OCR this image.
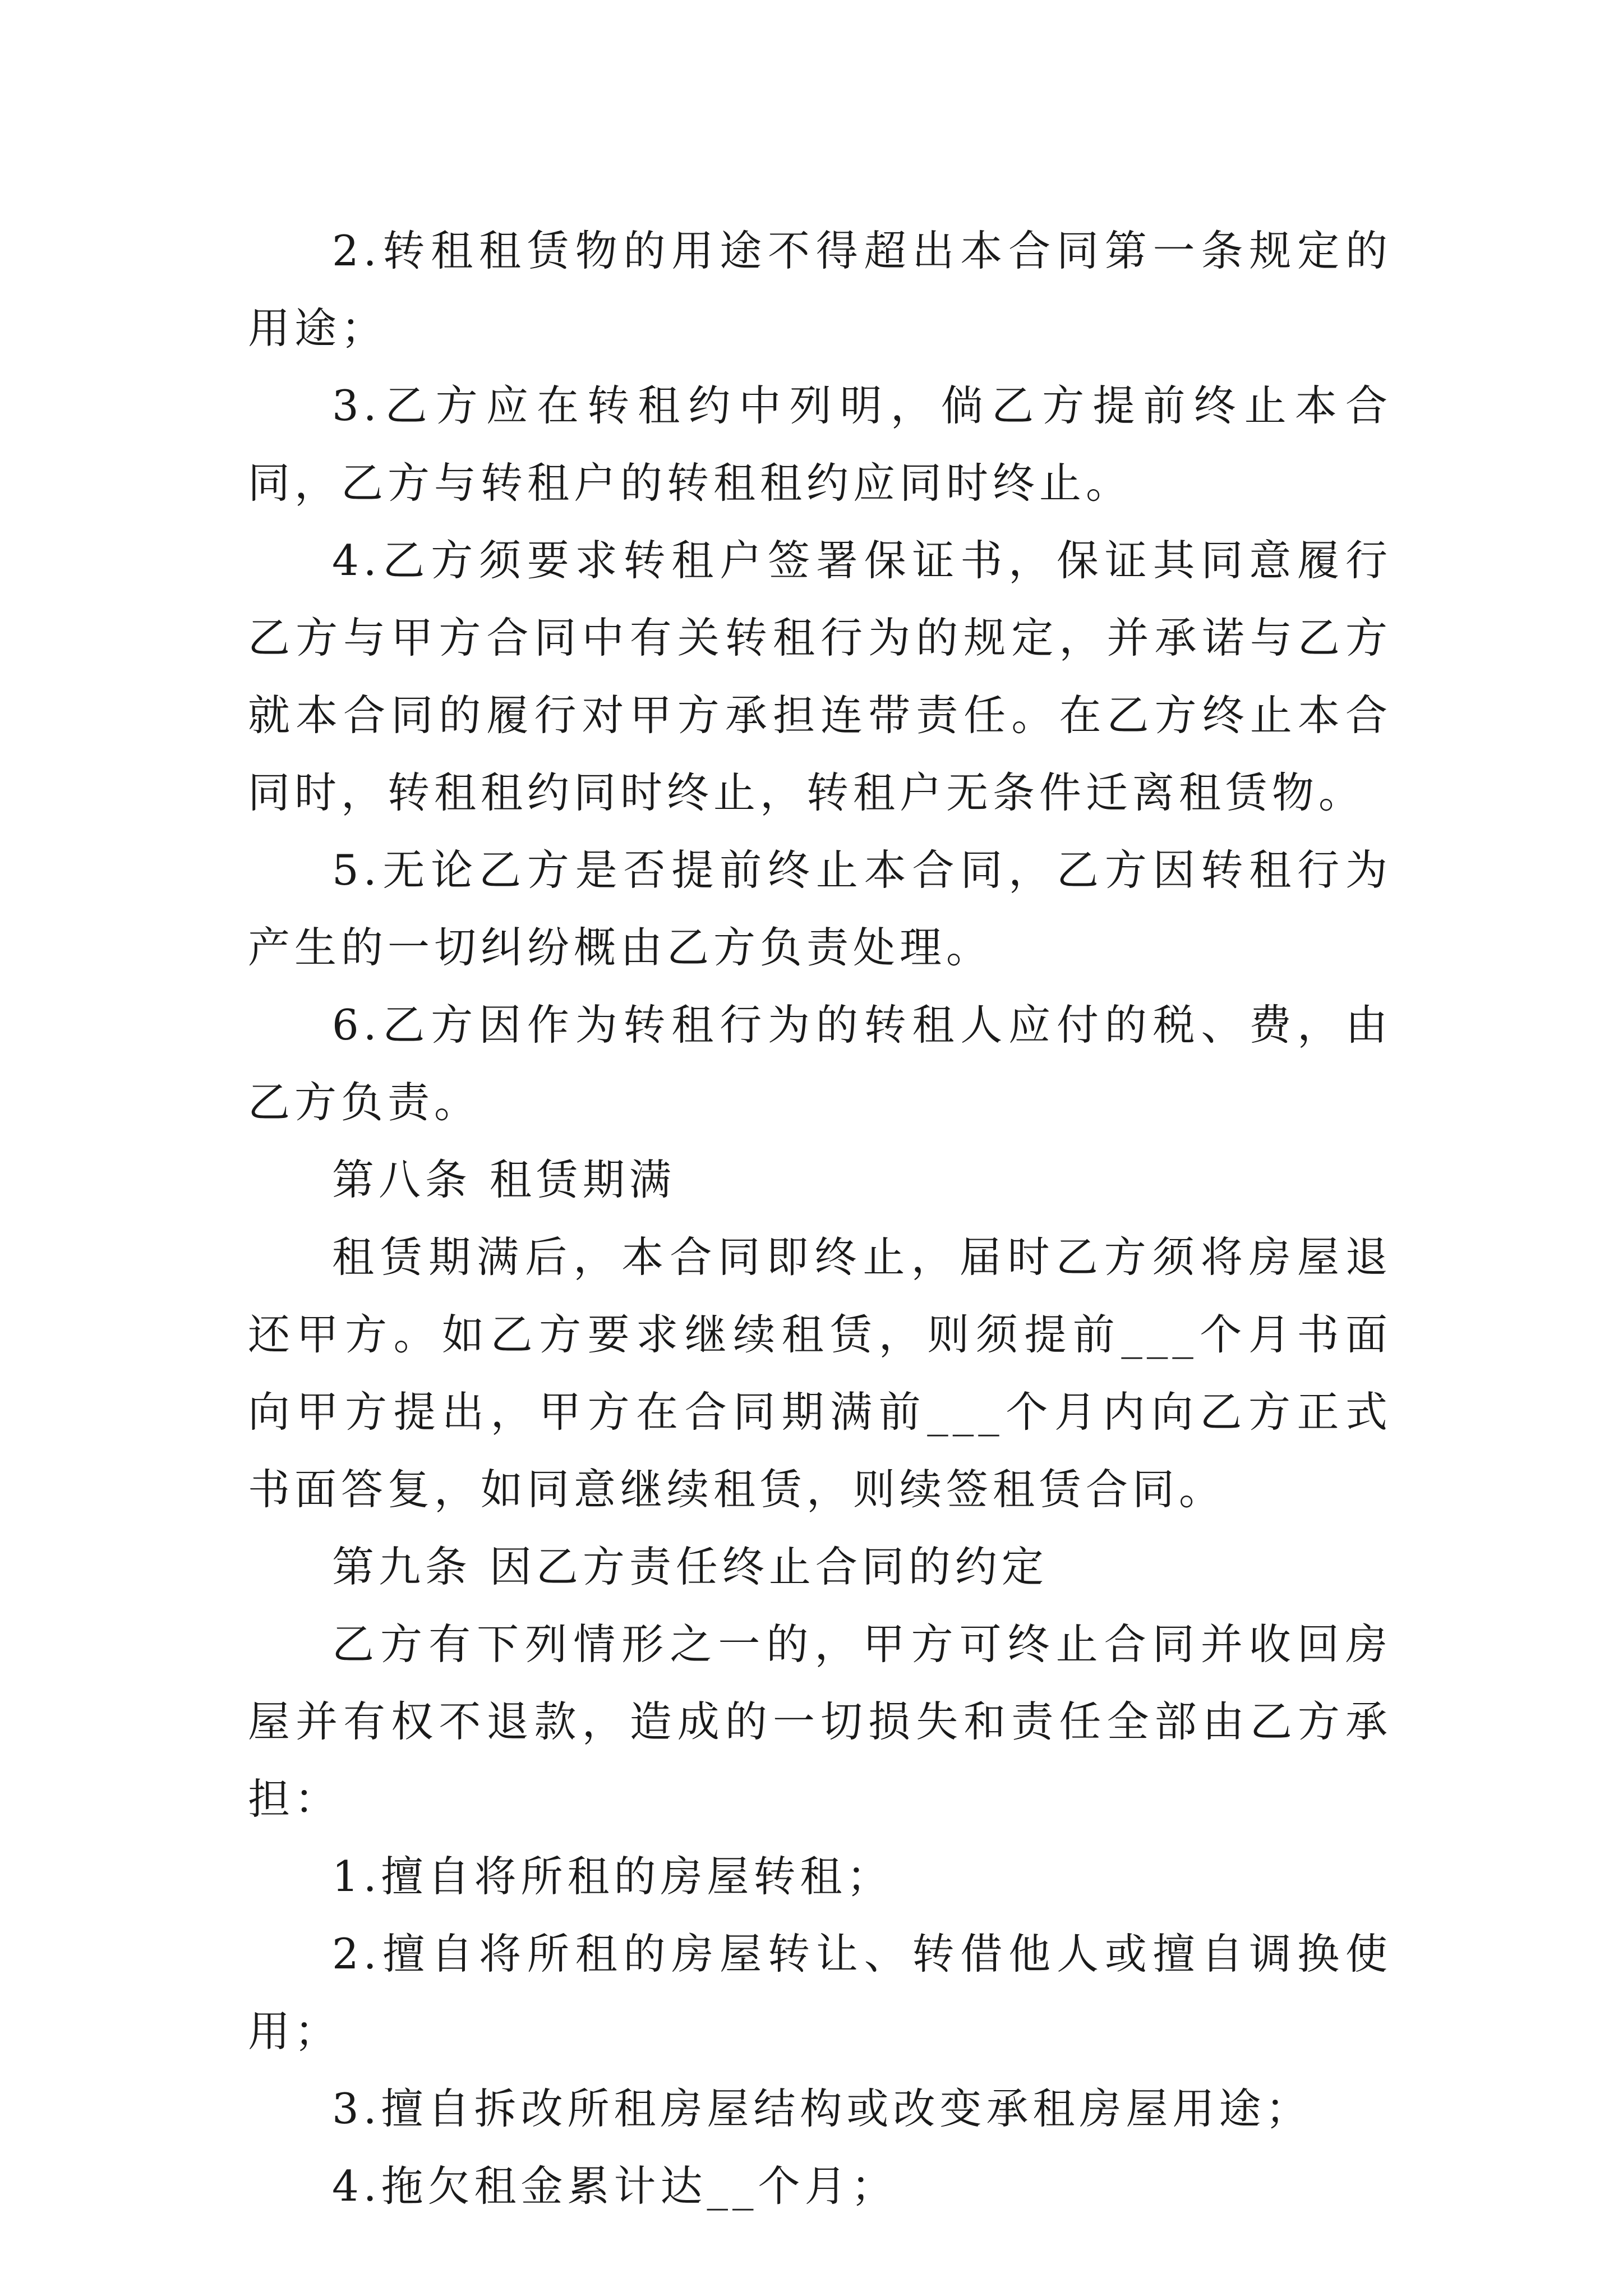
2.转租租赁物的用途不得超出本合同第一条规定的用途；

3.乙方应在转租约中列明，倘乙方提前终止本合同，乙方与转租户的转租租约应同时终止。

4.乙方须要求转租户签署保证书，保证其同意履行乙方与甲方合同中有关转租行为的规定，并承诺与乙方就本合同的履行对甲方承担连带责任。在乙方终止本合同时，转租租约同时终止，转租户无条件迁离租赁物。

5.无论乙方是否提前终止本合同，乙方因转租行为产生的一切纠纷概由乙方负责处理。

6.乙方因作为转租行为的转租人应付的税、费，由乙方负责。

第八条 租赁期满

租赁期满后，本合同即终止，届时乙方须将房屋退还甲方。如乙方要求继续租赁，则须提前___个月书面向甲方提出，甲方在合同期满前___个月内向乙方正式书面答复，如同意继续租赁，则续签租赁合同。

第九条 因乙方责任终止合同的约定

乙方有下列情形之一的，甲方可终止合同并收回房屋并有权不退款，造成的一切损失和责任全部由乙方承担：

1.擅自将所租的房屋转租；

2.擅自将所租的房屋转让、转借他人或擅自调换使用；

3.擅自拆改所租房屋结构或改变承租房屋用途；

4.拖欠租金累计达__个月；
